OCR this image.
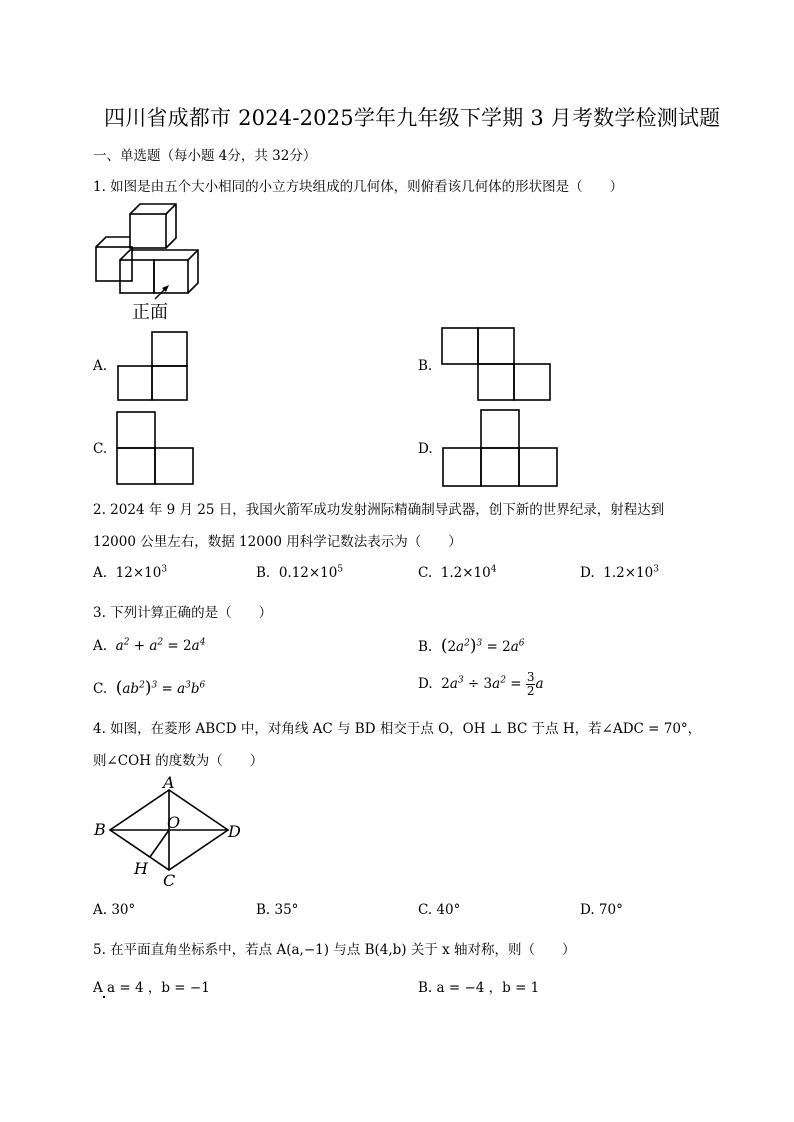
四川省成都市 2024-2025学年九年级下学期 3 月考数学检测试题
一、单选题（每小题 4分，共 32分）
1. 如图是由五个大小相同的小立方块组成的几何体，则俯看该几何体的形状图是（　　）
正面
A.	B.
C.	D.
2. 2024 年 9 月 25 日，我国火箭军成功发射洲际精确制导武器，创下新的世界纪录，射程达到
12000 公里左右，数据 12000 用科学记数法表示为（　　）
A. $12\times 10^3$	B. $0.12\times 10^5$	C. $1.2\times 10^4$	D. $1.2\times 10^3$
3. 下列计算正确的是（　　）
A. $a^2 + a^2 = 2a^4$	B. $(2a^2)^3 = 2a^6$
C. $(ab^2)^3 = a^3b^6$	D. $2a^3 \div 3a^2 = \frac{3}{2}$ a
4. 如图，在菱形 ABCD 中，对角线 AC 与 BD 相交于点 O，OH ⊥ BC 于点 H，若∠ADC = 70°，
则∠COH 的度数为（　　）
A
B	O	D
H
C
A. 30°	B. 35°	C. 40°	D. 70°
5. 在平面直角坐标系中，若点 A(a,−1) 与点 B(4,b) 关于 x 轴对称，则（　　）
A a = 4 ，b = −1	B. a = −4 ，b = 1
